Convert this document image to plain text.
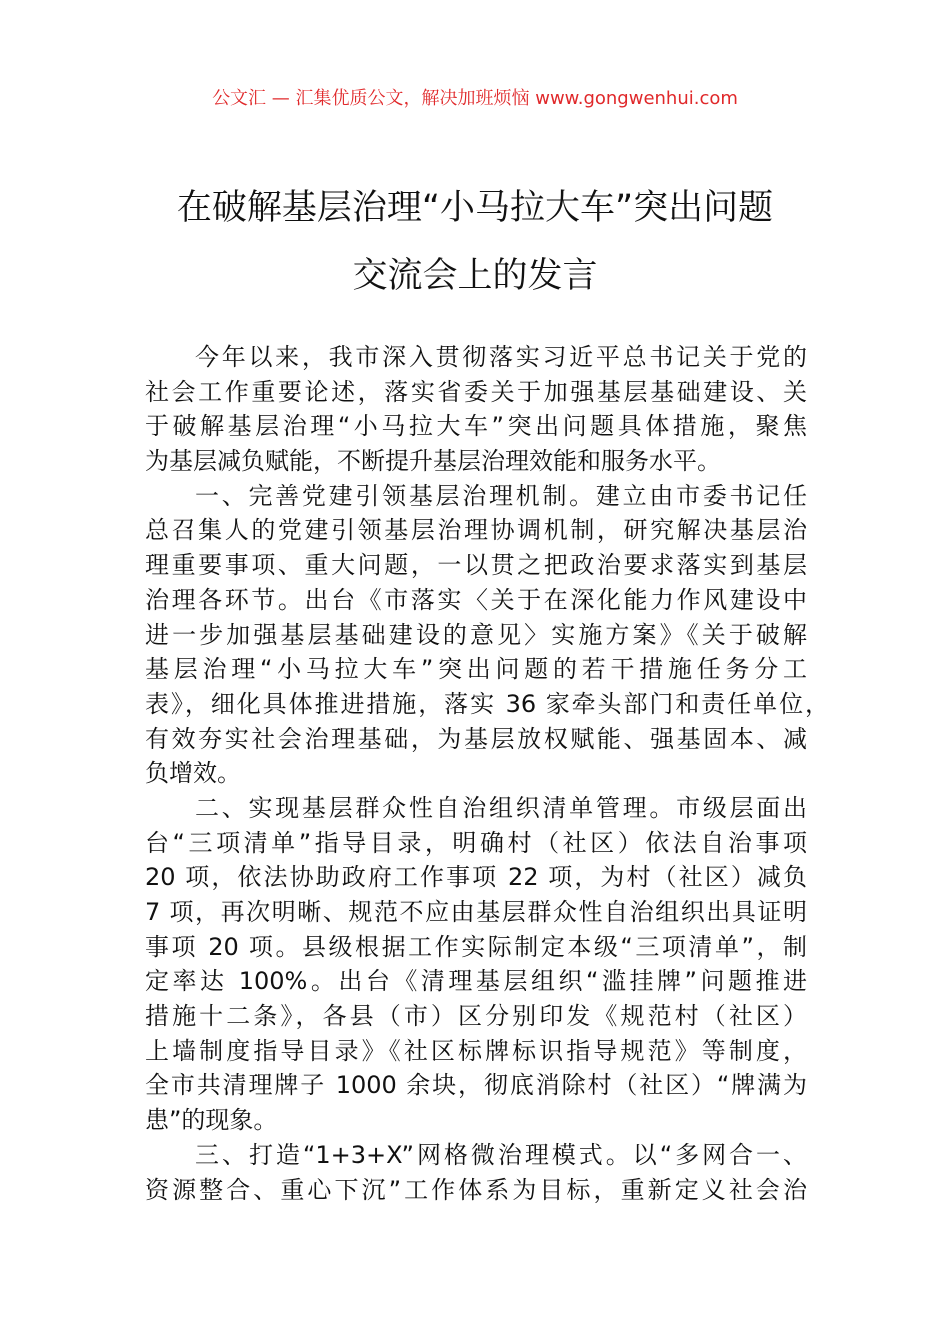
公文汇 — 汇集优质公文，解决加班烦恼 www.gongwenhui.com
在破解基层治理“小马拉大车”突出问题
交流会上的发言
今年以来，我市深入贯彻落实习近平总书记关于党的
社会工作重要论述，落实省委关于加强基层基础建设、关
于破解基层治理“小马拉大车”突出问题具体措施，聚焦
为基层减负赋能，不断提升基层治理效能和服务水平。
一、完善党建引领基层治理机制。建立由市委书记任
总召集人的党建引领基层治理协调机制，研究解决基层治
理重要事项、重大问题，一以贯之把政治要求落实到基层
治理各环节。出台《市落实〈关于在深化能力作风建设中
进一步加强基层基础建设的意见〉实施方案》《关于破解
基层治理“小马拉大车”突出问题的若干措施任务分工
表》，细化具体推进措施，落实 36 家牵头部门和责任单位，
有效夯实社会治理基础，为基层放权赋能、强基固本、减
负增效。
二、实现基层群众性自治组织清单管理。市级层面出
台“三项清单”指导目录，明确村（社区）依法自治事项
20 项，依法协助政府工作事项 22 项，为村（社区）减负
7 项，再次明晰、规范不应由基层群众性自治组织出具证明
事项 20 项。县级根据工作实际制定本级“三项清单”，制
定率达 100%。出台《清理基层组织“滥挂牌”问题推进
措施十二条》，各县（市）区分别印发《规范村（社区）
上墙制度指导目录》《社区标牌标识指导规范》等制度，
全市共清理牌子 1000 余块，彻底消除村（社区）“牌满为
患”的现象。
三、打造“1+3+X”网格微治理模式。以“多网合一、
资源整合、重心下沉”工作体系为目标，重新定义社会治
